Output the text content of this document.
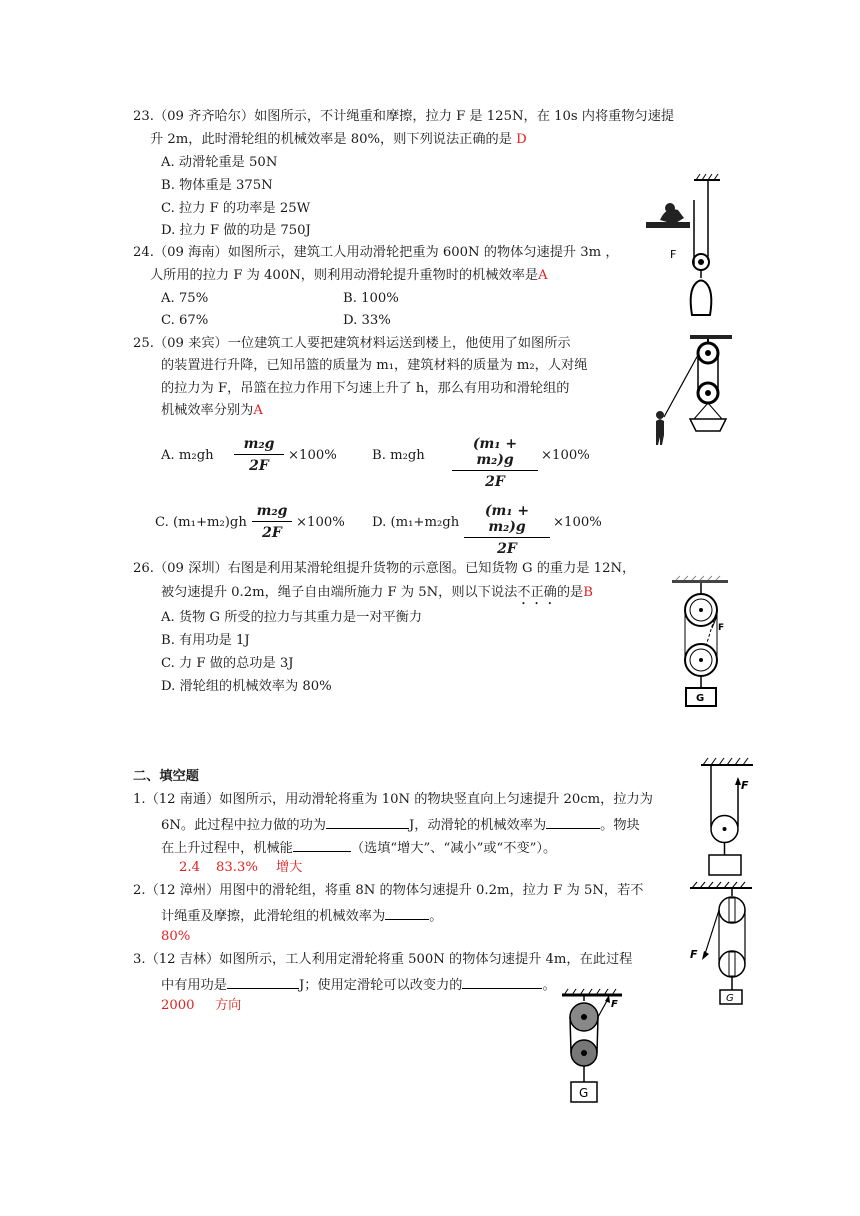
23.（09 齐齐哈尔）如图所示，不计绳重和摩擦，拉力 F 是 125N，在 10s 内将重物匀速提
升 2m，此时滑轮组的机械效率是 80%，则下列说法正确的是 D
A. 动滑轮重是 50N
B. 物体重是 375N
C. 拉力 F 的功率是 25W
D. 拉力 F 做的功是 750J
24.（09 海南）如图所示，建筑工人用动滑轮把重为 600N 的物体匀速提升 3m ，
人所用的拉力 F 为 400N，则利用动滑轮提升重物时的机械效率是A
A. 75%	B. 100%
C. 67%	D. 33%
25.（09 来宾）一位建筑工人要把建筑材料运送到楼上，他使用了如图所示
的装置进行升降，已知吊篮的质量为 m₁，建筑材料的质量为 m₂，人对绳
的拉力为 F，吊篮在拉力作用下匀速上升了 h，那么有用功和滑轮组的
机械效率分别为A
A. $m_2gh \frac{\text{m₂g}}{2F} \times 100\%$	B. $m_2gh \frac{\text{(m₁ + m₂)g}}{2F} \times 100\%$
C. $(m_1+m_2)gh \frac{\text{m₂g}}{2F} \times 100\%$ D. ($m_1+m_2gh \frac{\text{(m₁ + m₂)g}}{2F} \times 100\%$
26.（09 深圳）右图是利用某滑轮组提升货物的示意图。已知货物 G 的重力是 12N，
被匀速提升 0.2m，绳子自由端所施力 F 为 5N，则以下说法不正确的是B
A. 货物 G 所受的拉力与其重力是一对平衡力
B. 有用功是 1J
C. 力 F 做的总功是 3J
D. 滑轮组的机械效率为 80%
二、填空题
1.（12 南通）如图所示，用动滑轮将重为 10N 的物块竖直向上匀速提升 20cm，拉力为
6N。此过程中拉力做的功为	J，动滑轮的机械效率为	。物块
在上升过程中，机械能	（选填“增大”、“减小”或“不变”）。
2.4 83.3% 增大
2.（12 漳州）用图中的滑轮组，将重 8N 的物体匀速提升 0.2m，拉力 F 为 5N，若不
计绳重及摩擦，此滑轮组的机械效率为	。
80%
3.（12 吉林）如图所示，工人利用定滑轮将重 500N 的物体匀速提升 4m，在此过程
中有用功是	J；使用定滑轮可以改变力的	。
2000 方向
F
F
G
F
F
G
F
G
